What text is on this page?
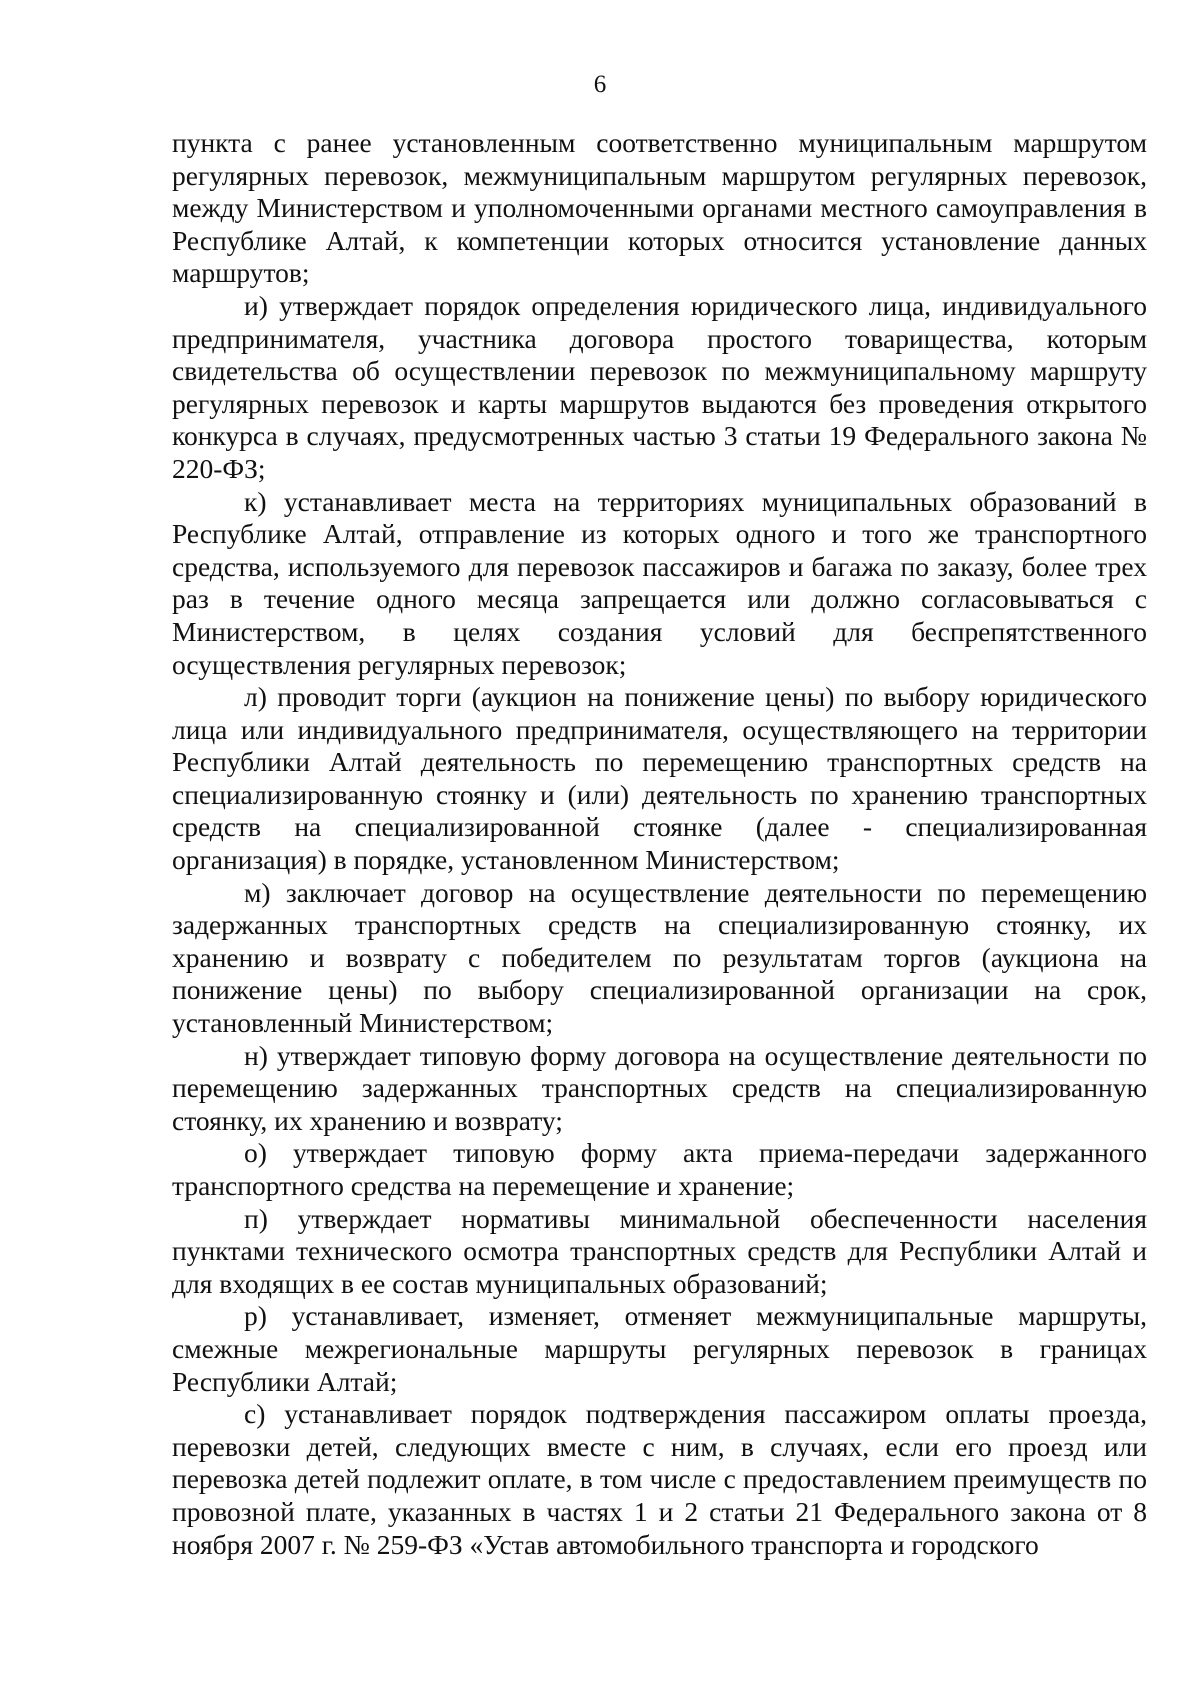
6

пункта с ранее установленным соответственно муниципальным маршрутом регулярных перевозок, межмуниципальным маршрутом регулярных перевозок, между Министерством и уполномоченными органами местного самоуправления в Республике Алтай, к компетенции которых относится установление данных маршрутов;

и) утверждает порядок определения юридического лица, индивидуального предпринимателя, участника договора простого товарищества, которым свидетельства об осуществлении перевозок по межмуниципальному маршруту регулярных перевозок и карты маршрутов выдаются без проведения открытого конкурса в случаях, предусмотренных частью 3 статьи 19 Федерального закона № 220-ФЗ;

к) устанавливает места на территориях муниципальных образований в Республике Алтай, отправление из которых одного и того же транспортного средства, используемого для перевозок пассажиров и багажа по заказу, более трех раз в течение одного месяца запрещается или должно согласовываться с Министерством, в целях создания условий для беспрепятственного осуществления регулярных перевозок;

л) проводит торги (аукцион на понижение цены) по выбору юридического лица или индивидуального предпринимателя, осуществляющего на территории Республики Алтай деятельность по перемещению транспортных средств на специализированную стоянку и (или) деятельность по хранению транспортных средств на специализированной стоянке (далее - специализированная организация) в порядке, установленном Министерством;

м) заключает договор на осуществление деятельности по перемещению задержанных транспортных средств на специализированную стоянку, их хранению и возврату с победителем по результатам торгов (аукциона на понижение цены) по выбору специализированной организации на срок, установленный Министерством;

н) утверждает типовую форму договора на осуществление деятельности по перемещению задержанных транспортных средств на специализированную стоянку, их хранению и возврату;

о) утверждает типовую форму акта приема-передачи задержанного транспортного средства на перемещение и хранение;

п) утверждает нормативы минимальной обеспеченности населения пунктами технического осмотра транспортных средств для Республики Алтай и для входящих в ее состав муниципальных образований;

р) устанавливает, изменяет, отменяет межмуниципальные маршруты, смежные межрегиональные маршруты регулярных перевозок в границах Республики Алтай;

с) устанавливает порядок подтверждения пассажиром оплаты проезда, перевозки детей, следующих вместе с ним, в случаях, если его проезд или перевозка детей подлежит оплате, в том числе с предоставлением преимуществ по провозной плате, указанных в частях 1 и 2 статьи 21 Федерального закона от 8 ноября 2007 г. № 259-ФЗ «Устав автомобильного транспорта и городского
